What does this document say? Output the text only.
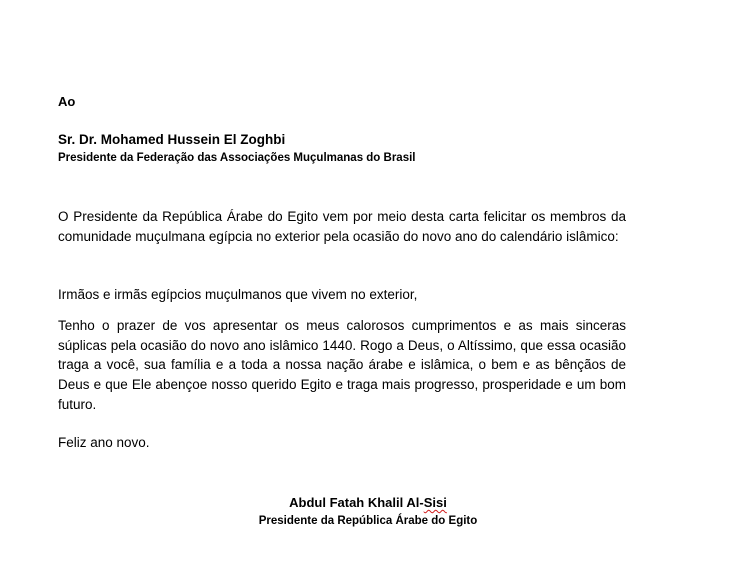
Ao

Sr. Dr. Mohamed Hussein El Zoghbi

Presidente da Federação das Associações Muçulmanas do Brasil

O Presidente da República Árabe do Egito vem por meio desta carta felicitar os membros da comunidade muçulmana egípcia no exterior pela ocasião do novo ano do calendário islâmico:

Irmãos e irmãs egípcios muçulmanos que vivem no exterior,

Tenho o prazer de vos apresentar os meus calorosos cumprimentos e as mais sinceras súplicas pela ocasião do novo ano islâmico 1440. Rogo a Deus, o Altíssimo, que essa ocasião traga a você, sua família e a toda a nossa nação árabe e islâmica, o bem e as bênçãos de Deus e que Ele abençoe nosso querido Egito e traga mais progresso, prosperidade e um bom futuro.

Feliz ano novo.

Abdul Fatah Khalil Al-Sisi
Presidente da República Árabe do Egito
